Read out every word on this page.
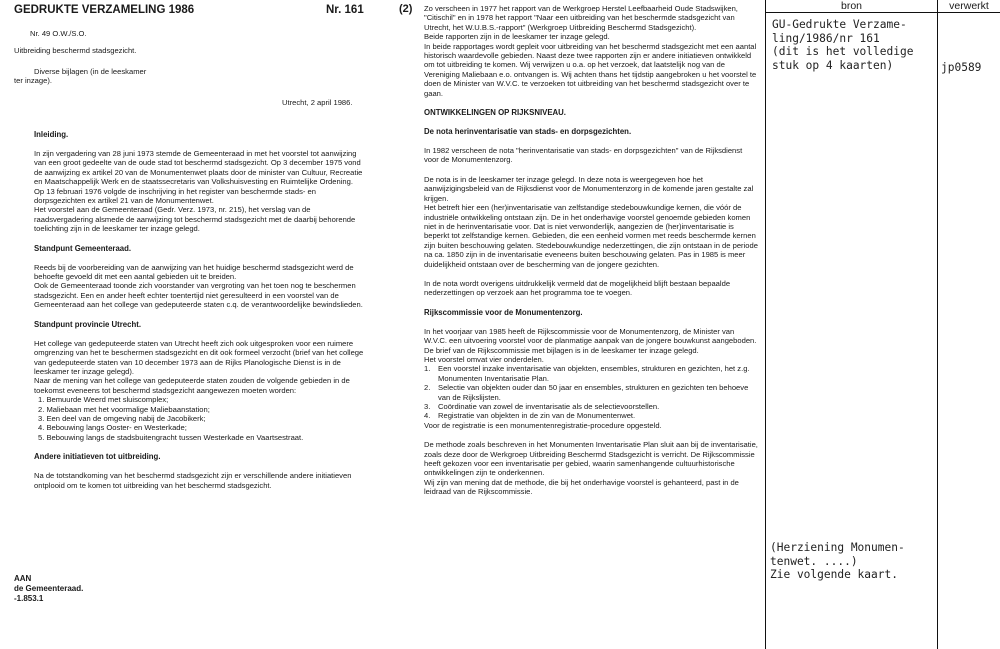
GEDRUKTE VERZAMELING 1986	Nr. 161
Nr. 49 O.W./S.O.
Uitbreiding beschermd stadsgezicht.
Diverse bijlagen (in de leeskamer
ter inzage).
Utrecht, 2 april 1986.
Inleiding.

In zijn vergadering van 28 juni 1973 stemde de Gemeenteraad in met het voorstel tot aanwijzing van een groot gedeelte van de oude stad tot beschermd stadsgezicht. Op 3 december 1975 vond de aanwijzing ex artikel 20 van de Monumentenwet plaats door de minister van Cultuur, Recreatie en Maatschappelijk Werk en de staatssecretaris van Volkshuisvesting en Ruimtelijke Ordening.
Op 13 februari 1976 volgde de inschrijving in het register van beschermde stads- en dorpsgezichten ex artikel 21 van de Monumentenwet.
Het voorstel aan de Gemeenteraad (Gedr. Verz. 1973, nr. 215), het verslag van de raadsvergadering alsmede de aanwijzing tot beschermd stadsgezicht met de daarbij behorende toelichting zijn in de leeskamer ter inzage gelegd.

Standpunt Gemeenteraad.

Reeds bij de voorbereiding van de aanwijzing van het huidige beschermd stadsgezicht werd de behoefte gevoeld dit met een aantal gebieden uit te breiden.
Ook de Gemeenteraad toonde zich voorstander van vergroting van het toen nog te beschermen stadsgezicht. Een en ander heeft echter toentertijd niet geresulteerd in een voorstel van de Gemeenteraad aan het college van gedeputeerde staten c.q. de verantwoordelijke bewindslieden.

Standpunt provincie Utrecht.

Het college van gedeputeerde staten van Utrecht heeft zich ook uitgesproken voor een ruimere omgrenzing van het te beschermen stadsgezicht en dit ook formeel verzocht (brief van het college van gedeputeerde staten van 10 december 1973 aan de Rijks Planologische Dienst is in de leeskamer ter inzage gelegd).
Naar de mening van het college van gedeputeerde staten zouden de volgende gebieden in de toekomst eveneens tot beschermd stadsgezicht aangewezen moeten worden:

1. Bemuurde Weerd met sluiscomplex;
2. Maliebaan met het voormalige Maliebaanstation;
3. Een deel van de omgeving nabij de Jacobikerk;
4. Bebouwing langs Ooster- en Westerkade;
5. Bebouwing langs de stadsbuitengracht tussen Westerkade en Vaartsestraat.
Andere initiatieven tot uitbreiding.

Na de totstandkoming van het beschermd stadsgezicht zijn er verschillende andere initiatieven ontplooid om te komen tot uitbreiding van het beschermd stadsgezicht.

AAN
de Gemeenteraad.
-1.853.1
(2) Zo verscheen in 1977 het rapport van de Werkgroep Herstel Leefbaarheid Oude Stadswijken, "Citischil" en in 1978 het rapport "Naar een uitbreiding van het beschermde stadsgezicht van Utrecht, het W.U.B.S.-rapport" (Werkgroep Uitbreiding Beschermd Stadsgezicht).
Beide rapporten zijn in de leeskamer ter inzage gelegd.
In beide rapportages wordt gepleit voor uitbreiding van het beschermd stadsgezicht met een aantal historisch waardevolle gebieden. Naast deze twee rapporten zijn er andere initiatieven ontwikkeld om tot uitbreiding te komen. Wij verwijzen u o.a. op het verzoek, dat laatstelijk nog van de Vereniging Maliebaan e.o. ontvangen is. Wij achten thans het tijdstip aangebroken u het voorstel te doen de Minister van W.V.C. te verzoeken tot uitbreiding van het beschermd stadsgezicht over te gaan.

ONTWIKKELINGEN OP RIJKSNIVEAU.
De nota herinventarisatie van stads- en dorpsgezichten.

In 1982 verscheen de nota "herinventarisatie van stads- en dorpsgezichten" van de Rijksdienst voor de Monumentenzorg.

De nota is in de leeskamer ter inzage gelegd. In deze nota is weergegeven hoe het aanwijzigingsbeleid van de Rijksdienst voor de Monumentenzorg in de komende jaren gestalte zal krijgen.
Het betreft hier een (her)inventarisatie van zelfstandige stedebouwkundige kernen, die vóór de industriële ontwikkeling ontstaan zijn. De in het onderhavige voorstel genoemde gebieden komen niet in de herinventarisatie voor. Dat is niet verwonderlijk, aangezien de (her)inventarisatie is beperkt tot zelfstandige kernen. Gebieden, die een eenheid vormen met reeds beschermde kernen zijn buiten beschouwing gelaten. Stedebouwkundige nederzettingen, die zijn ontstaan in de periode na ca. 1850 zijn in de inventarisatie eveneens buiten beschouwing gelaten. Pas in 1985 is meer duidelijkheid ontstaan over de bescherming van de jongere gezichten.

In de nota wordt overigens uitdrukkelijk vermeld dat de mogelijkheid blijft bestaan bepaalde nederzettingen op verzoek aan het programma toe te voegen.

Rijkscommissie voor de Monumentenzorg.

In het voorjaar van 1985 heeft de Rijkscommissie voor de Monumentenzorg, de Minister van W.V.C. een uitvoering voorstel voor de planmatige aanpak van de jongere bouwkunst aangeboden. De brief van de Rijkscommissie met bijlagen is in de leeskamer ter inzage gelegd.
Het voorstel omvat vier onderdelen.

1.	Een voorstel inzake inventarisatie van objekten, ensembles, strukturen en gezichten, het z.g. Monumenten Inventarisatie Plan.
2.	Selectie van objekten ouder dan 50 jaar en ensembles, strukturen en gezichten ten behoeve van de Rijkslijsten.
3.	Coördinatie van zowel de inventarisatie als de selectievoorstellen.
4.	Registratie van objekten in de zin van de Monumentenwet.

Voor de registratie is een monumentenregistratie-procedure opgesteld.

De methode zoals beschreven in het Monumenten Inventarisatie Plan sluit aan bij de inventarisatie, zoals deze door de Werkgroep Uitbreiding Beschermd Stadsgezicht is verricht. De Rijkscommissie heeft gekozen voor een inventarisatie per gebied, waarin samenhangende cultuurhistorische ontwikkelingen zijn te onderkennen.
Wij zijn van mening dat de methode, die bij het onderhavige voorstel is gehanteerd, past in de leidraad van de Rijkscommissie.

bron	verwerkt
GU-Gedrukte Verzame-
ling/1986/nr 161
(dit is het volledige
stuk op 4 kaarten)	jp0589
(Herziening Monumen-
tenwet. ....)
Zie volgende kaart.
